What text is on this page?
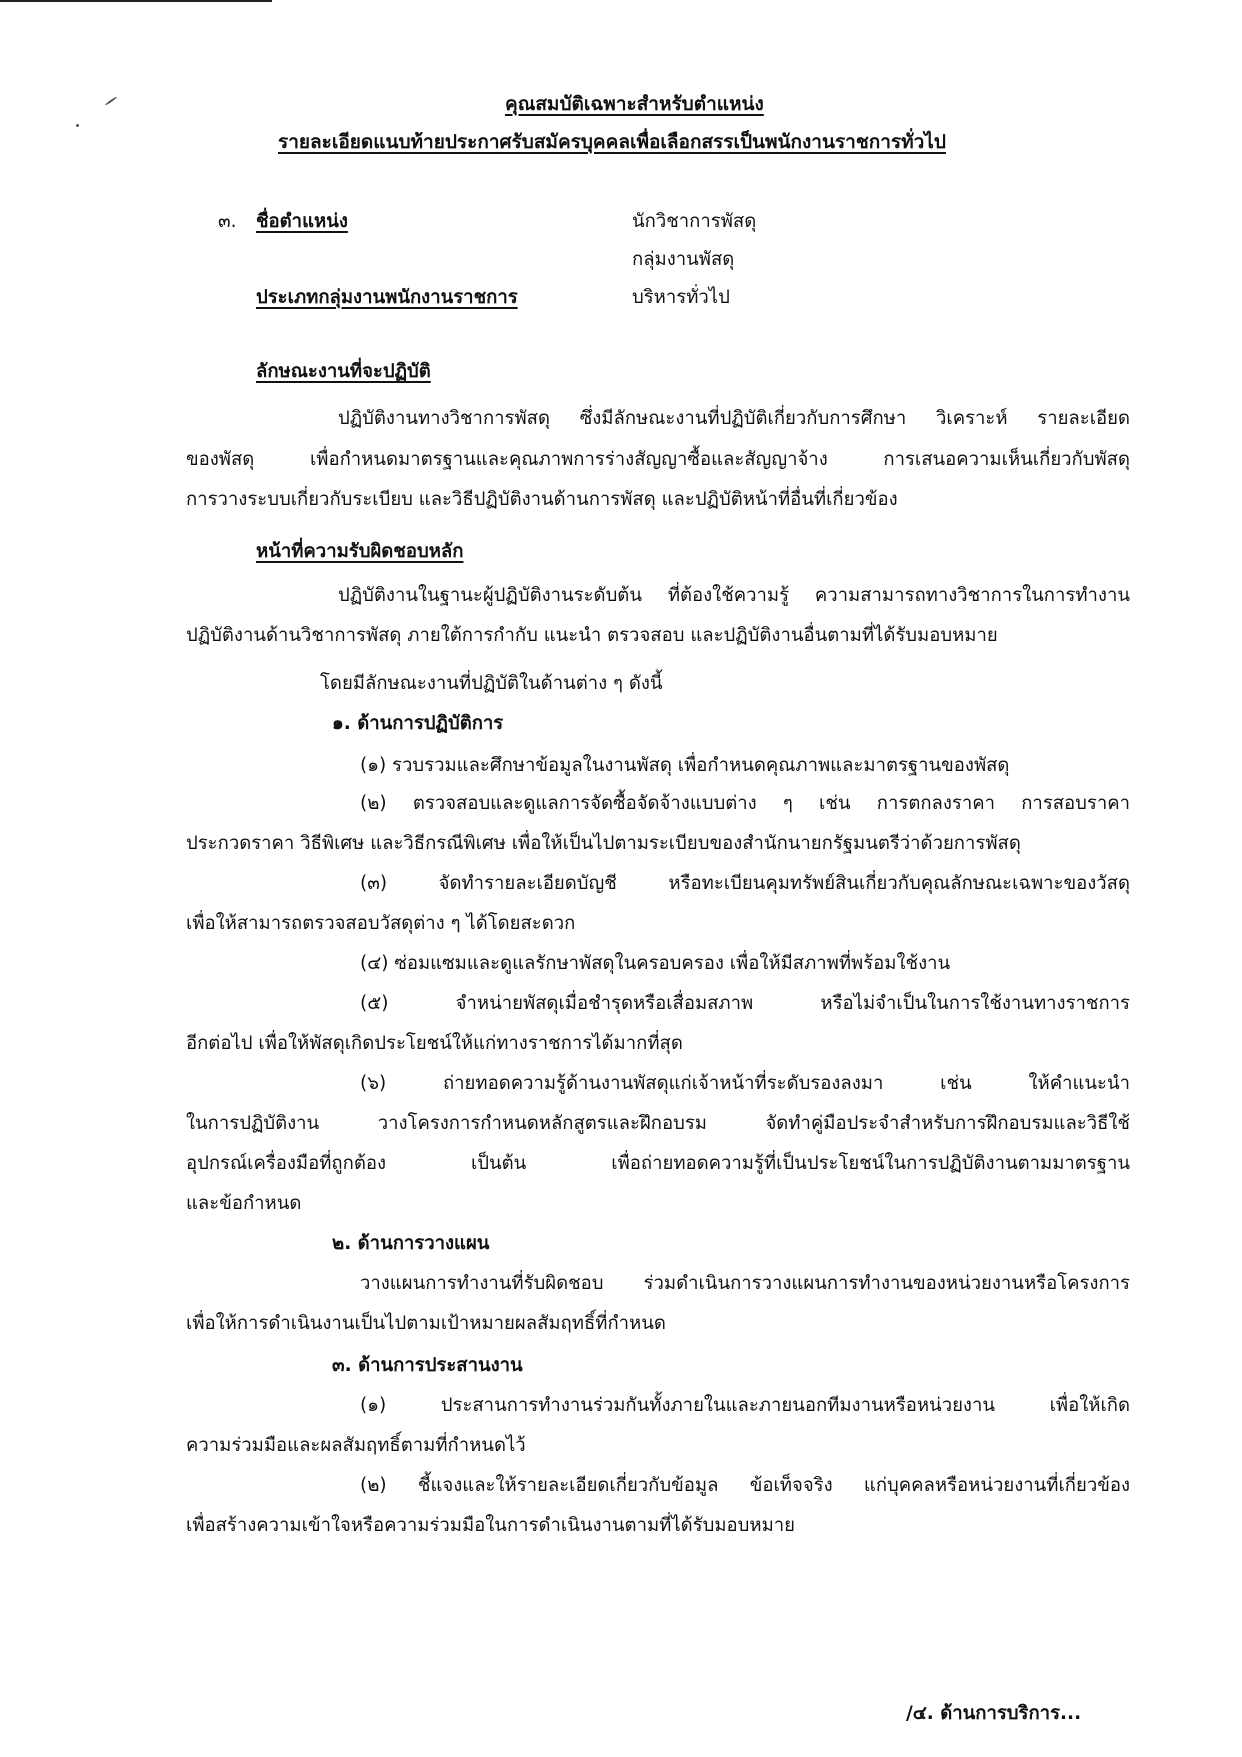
คุณสมบัติเฉพาะสำหรับตำแหน่ง

รายละเอียดแนบท้ายประกาศรับสมัครบุคคลเพื่อเลือกสรรเป็นพนักงานราชการทั่วไป

๓. ชื่อตำแหน่ง	นักวิชาการพัสดุ

กลุ่มงานพัสดุ

ประเภทกลุ่มงานพนักงานราชการ	บริหารทั่วไป

ลักษณะงานที่จะปฏิบัติ

ปฏิบัติงานทางวิชาการพัสดุ ซึ่งมีลักษณะงานที่ปฏิบัติเกี่ยวกับการศึกษา วิเคราะห์ รายละเอียด

ของพัสดุ เพื่อกำหนดมาตรฐานและคุณภาพการร่างสัญญาซื้อและสัญญาจ้าง การเสนอความเห็นเกี่ยวกับพัสดุ

การวางระบบเกี่ยวกับระเบียบ และวิธีปฏิบัติงานด้านการพัสดุ และปฏิบัติหน้าที่อื่นที่เกี่ยวข้อง

หน้าที่ความรับผิดชอบหลัก

ปฏิบัติงานในฐานะผู้ปฏิบัติงานระดับต้น ที่ต้องใช้ความรู้ ความสามารถทางวิชาการในการทำงาน

ปฏิบัติงานด้านวิชาการพัสดุ ภายใต้การกำกับ แนะนำ ตรวจสอบ และปฏิบัติงานอื่นตามที่ได้รับมอบหมาย

โดยมีลักษณะงานที่ปฏิบัติในด้านต่าง ๆ ดังนี้

๑. ด้านการปฏิบัติการ

(๑) รวบรวมและศึกษาข้อมูลในงานพัสดุ เพื่อกำหนดคุณภาพและมาตรฐานของพัสดุ

(๒) ตรวจสอบและดูแลการจัดซื้อจัดจ้างแบบต่าง ๆ เช่น การตกลงราคา การสอบราคา

ประกวดราคา วิธีพิเศษ และวิธีกรณีพิเศษ เพื่อให้เป็นไปตามระเบียบของสำนักนายกรัฐมนตรีว่าด้วยการพัสดุ

(๓) จัดทำรายละเอียดบัญชี หรือทะเบียนคุมทรัพย์สินเกี่ยวกับคุณลักษณะเฉพาะของวัสดุ

เพื่อให้สามารถตรวจสอบวัสดุต่าง ๆ ได้โดยสะดวก

(๔) ซ่อมแซมและดูแลรักษาพัสดุในครอบครอง เพื่อให้มีสภาพที่พร้อมใช้งาน

(๕) จำหน่ายพัสดุเมื่อชำรุดหรือเสื่อมสภาพ หรือไม่จำเป็นในการใช้งานทางราชการ

อีกต่อไป เพื่อให้พัสดุเกิดประโยชน์ให้แก่ทางราชการได้มากที่สุด

(๖) ถ่ายทอดความรู้ด้านงานพัสดุแก่เจ้าหน้าที่ระดับรองลงมา เช่น ให้คำแนะนำ

ในการปฏิบัติงาน วางโครงการกำหนดหลักสูตรและฝึกอบรม จัดทำคู่มือประจำสำหรับการฝึกอบรมและวิธีใช้

อุปกรณ์เครื่องมือที่ถูกต้อง เป็นต้น เพื่อถ่ายทอดความรู้ที่เป็นประโยชน์ในการปฏิบัติงานตามมาตรฐาน

และข้อกำหนด

๒. ด้านการวางแผน

วางแผนการทำงานที่รับผิดชอบ ร่วมดำเนินการวางแผนการทำงานของหน่วยงานหรือโครงการ

เพื่อให้การดำเนินงานเป็นไปตามเป้าหมายผลสัมฤทธิ์ที่กำหนด

๓. ด้านการประสานงาน

(๑) ประสานการทำงานร่วมกันทั้งภายในและภายนอกทีมงานหรือหน่วยงาน เพื่อให้เกิด

ความร่วมมือและผลสัมฤทธิ์ตามที่กำหนดไว้

(๒) ชี้แจงและให้รายละเอียดเกี่ยวกับข้อมูล ข้อเท็จจริง แก่บุคคลหรือหน่วยงานที่เกี่ยวข้อง

เพื่อสร้างความเข้าใจหรือความร่วมมือในการดำเนินงานตามที่ได้รับมอบหมาย

/๔. ด้านการบริการ...
